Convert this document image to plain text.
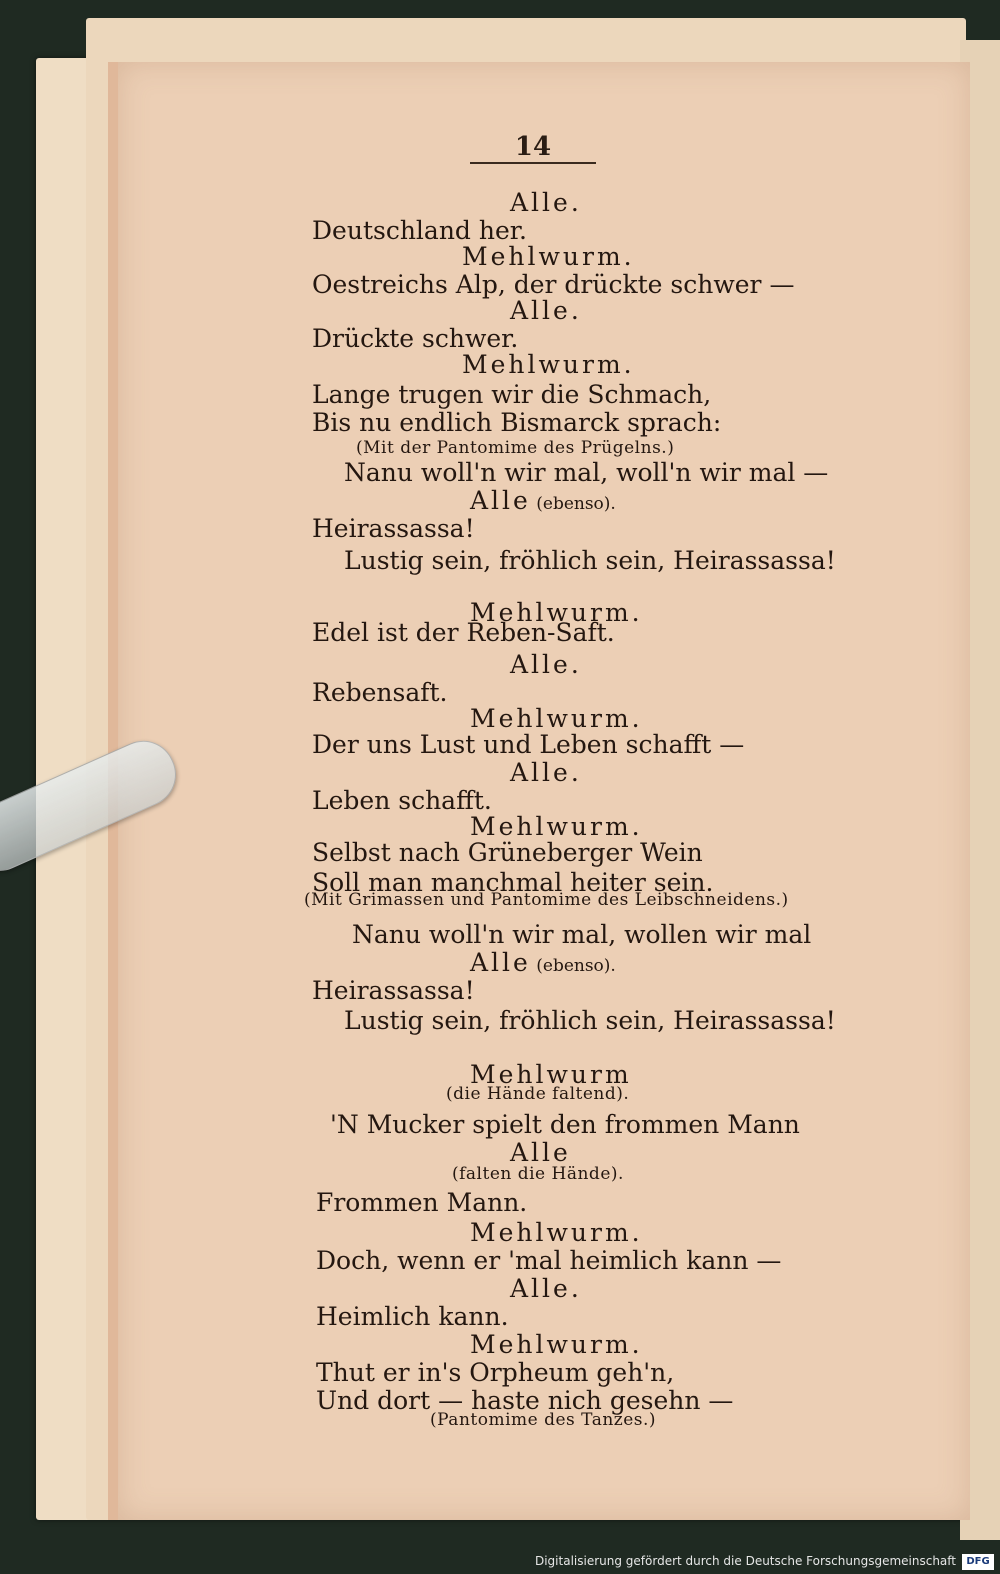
14
Alle.
Deutschland her.
Mehlwurm.
Oestreichs Alp, der drückte schwer —
Alle.
Drückte schwer.
Mehlwurm.
Lange trugen wir die Schmach,
Bis nu endlich Bismarck sprach:
(Mit der Pantomime des Prügelns.)
Nanu woll'n wir mal, woll'n wir mal —
Alle (ebenso).
Heirassassa!
Lustig sein, fröhlich sein, Heirassassa!
Mehlwurm.
Edel ist der Reben-Saft.
Alle.
Rebensaft.
Mehlwurm.
Der uns Lust und Leben schafft —
Alle.
Leben schafft.
Mehlwurm.
Selbst nach Grüneberger Wein
Soll man manchmal heiter sein.
(Mit Grimassen und Pantomime des Leibschneidens.)
Nanu woll'n wir mal, wollen wir mal
Alle (ebenso).
Heirassassa!
Lustig sein, fröhlich sein, Heirassassa!
Mehlwurm
(die Hände faltend).
'N Mucker spielt den frommen Mann
Alle
(falten die Hände).
Frommen Mann.
Mehlwurm.
Doch, wenn er 'mal heimlich kann —
Alle.
Heimlich kann.
Mehlwurm.
Thut er in's Orpheum geh'n,
Und dort — haste nich gesehn —
(Pantomime des Tanzes.)
Digitalisierung gefördert durch die Deutsche Forschungsgemeinschaft	DFG
